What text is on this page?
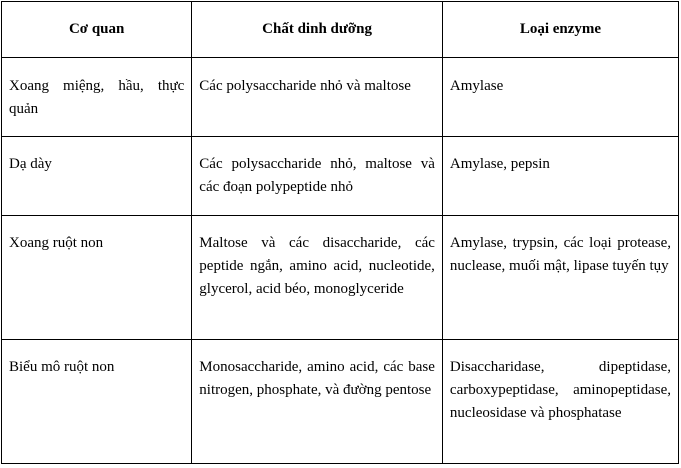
Cơ quan	Chất dinh dưỡng	Loại enzyme
Xoang miệng, hầu, thực quản	Các polysaccharide nhỏ và maltose	Amylase
Dạ dày	Các polysaccharide nhỏ, maltose và các đoạn polypeptide nhỏ	Amylase, pepsin
Xoang ruột non	Maltose và các disaccharide, các peptide ngắn, amino acid, nucleotide, glycerol, acid béo, monoglyceride	Amylase, trypsin, các loại protease, nuclease, muối mật, lipase tuyến tụy
Biểu mô ruột non	Monosaccharide, amino acid, các base nitrogen, phosphate, và đường pentose	Disaccharidase, dipeptidase, carboxypeptidase, aminopeptidase, nucleosidase và phosphatase
